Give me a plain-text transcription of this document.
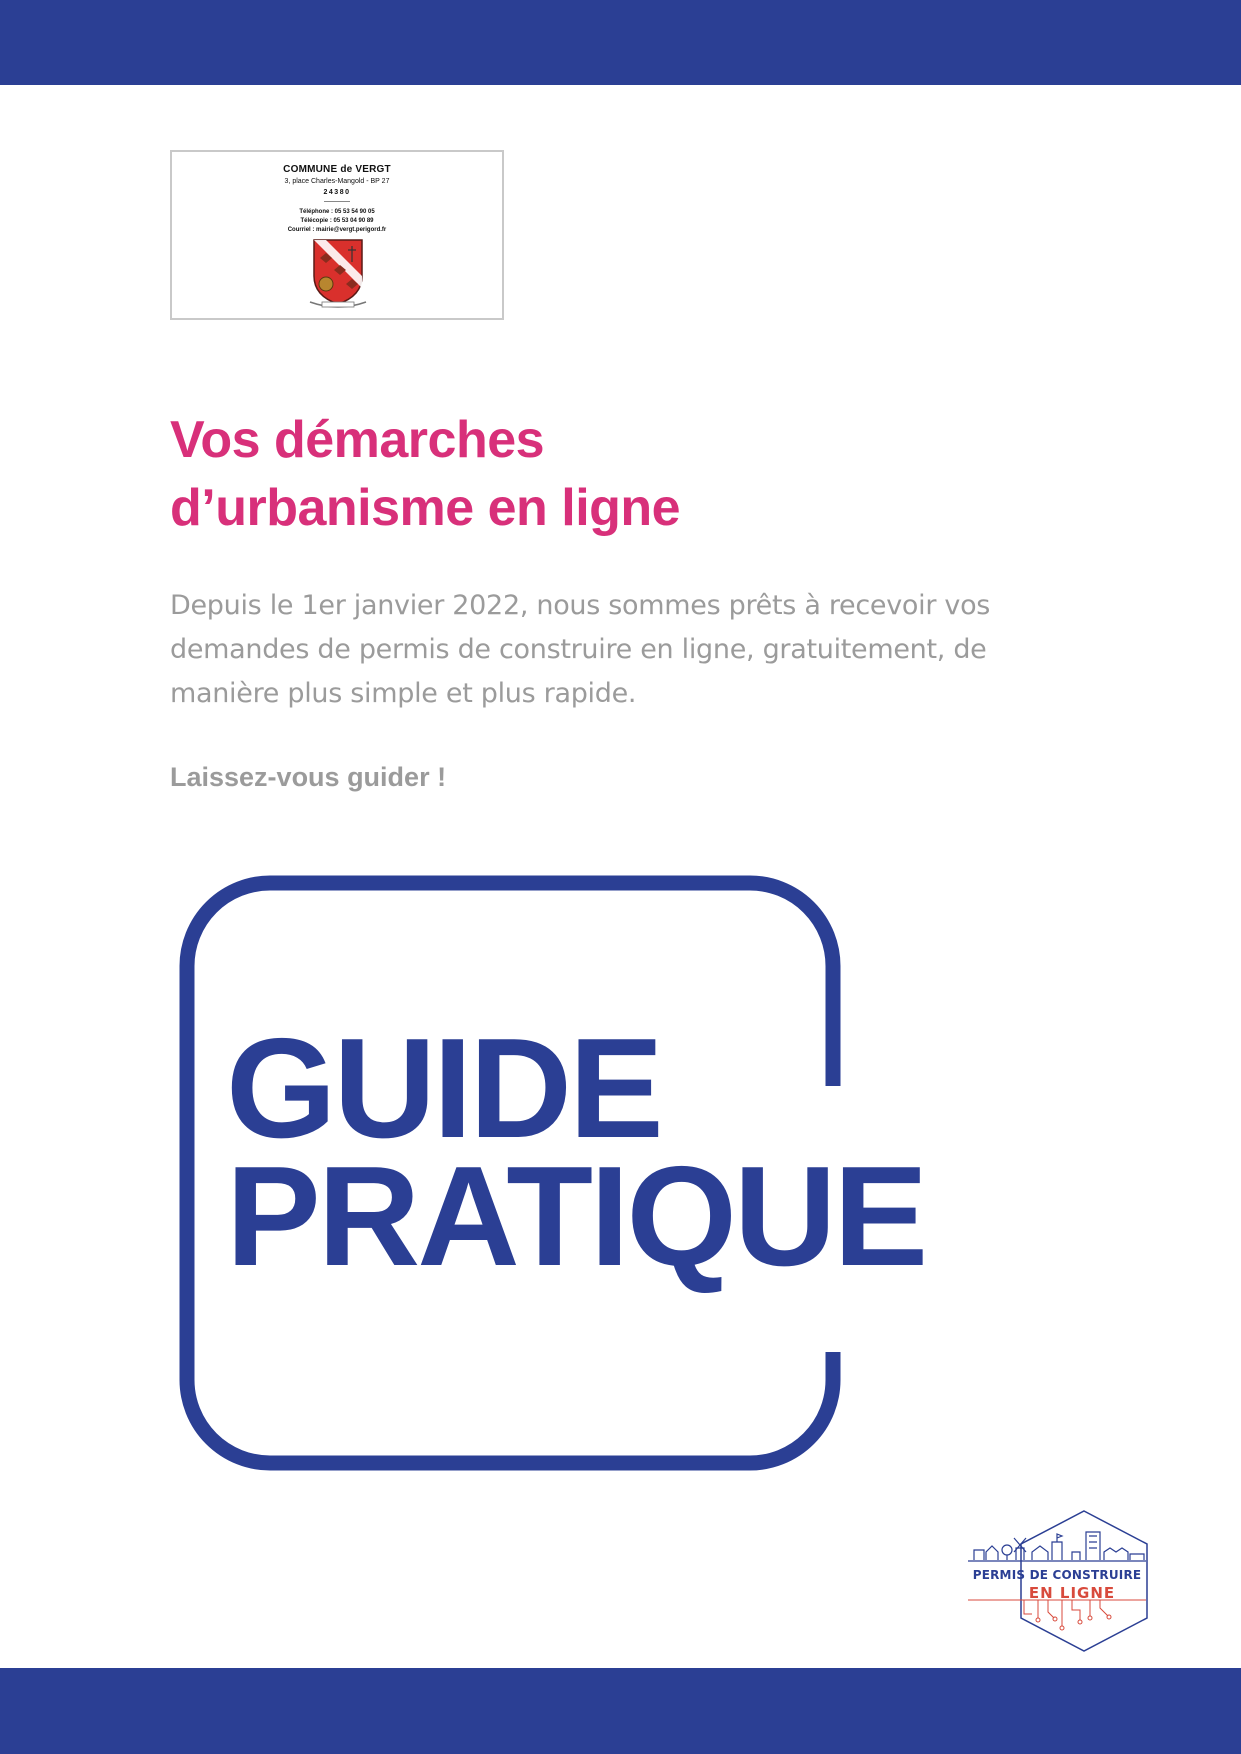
COMMUNE de VERGT
3, place Charles-Mangold - BP 27
24380
Téléphone : 05 53 54 90 05
Télécopie : 05 53 04 90 89
Courriel : mairie@vergt.perigord.fr
Vos démarches
d’urbanisme en ligne

Depuis le 1er janvier 2022, nous sommes prêts à recevoir vos demandes de permis de construire en ligne, gratuitement, de manière plus simple et plus rapide.

Laissez-vous guider !

GUIDE
PRATIQUE
PERMIS DE CONSTRUIRE
EN LIGNE
